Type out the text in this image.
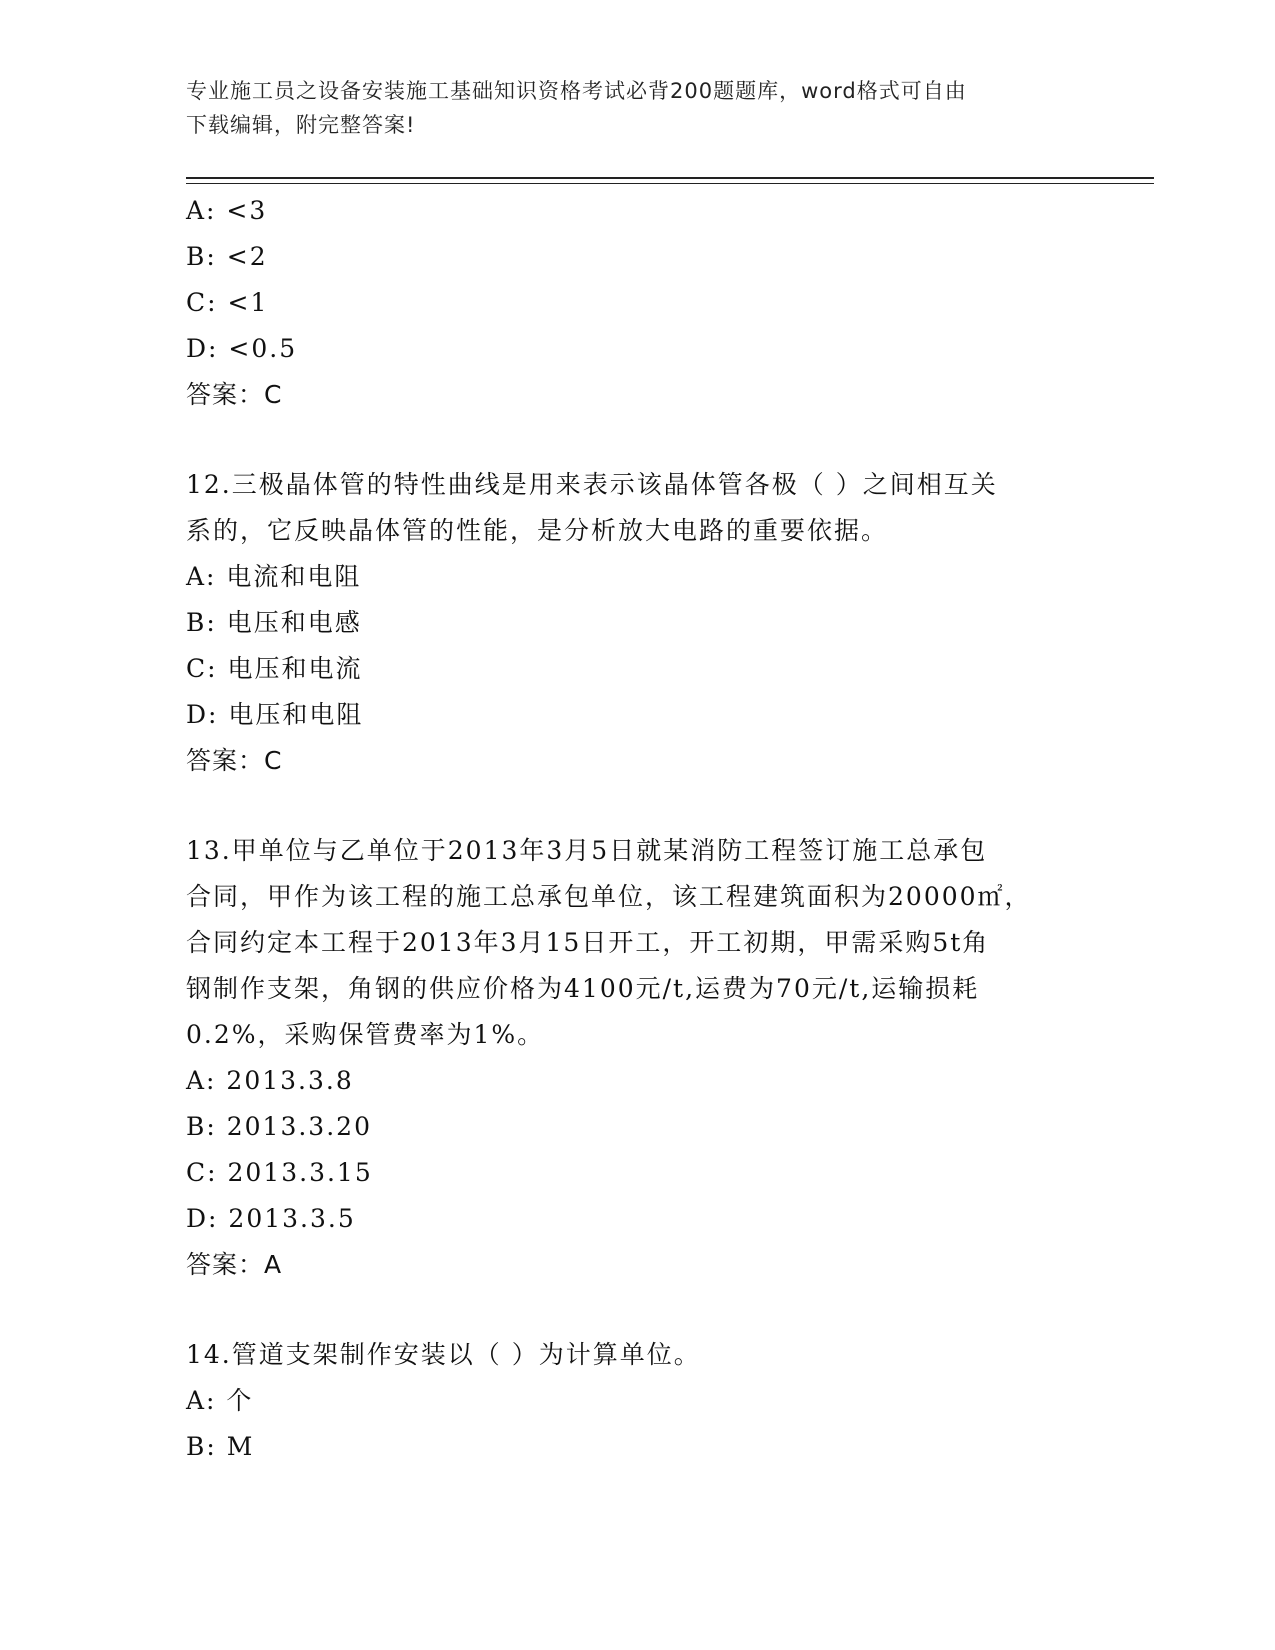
专业施工员之设备安装施工基础知识资格考试必背200题题库，word格式可自由
下载编辑，附完整答案!
A: <3
B: <2
C: <1
D: <0.5
答案：C
12.三极晶体管的特性曲线是用来表示该晶体管各极（ ）之间相互关
系的，它反映晶体管的性能，是分析放大电路的重要依据。
A: 电流和电阻
B: 电压和电感
C: 电压和电流
D: 电压和电阻
答案：C
13.甲单位与乙单位于2013年3月5日就某消防工程签订施工总承包
合同，甲作为该工程的施工总承包单位，该工程建筑面积为20000㎡，
合同约定本工程于2013年3月15日开工，开工初期，甲需采购5t角
钢制作支架，角钢的供应价格为4100元/t,运费为70元/t,运输损耗
0.2%，采购保管费率为1%。
A: 2013.3.8
B: 2013.3.20
C: 2013.3.15
D: 2013.3.5
答案：A
14.管道支架制作安装以（ ）为计算单位。
A: 个
B: M
